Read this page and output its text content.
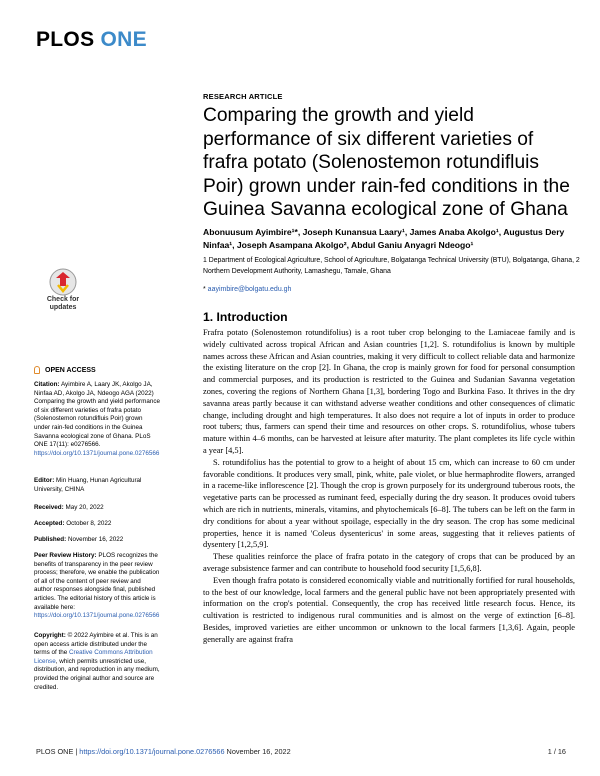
PLOS ONE
RESEARCH ARTICLE
Comparing the growth and yield performance of six different varieties of frafra potato (Solenostemon rotundifluis Poir) grown under rain-fed conditions in the Guinea Savanna ecological zone of Ghana
Abonuusum Ayimbire¹*, Joseph Kunansua Laary¹, James Anaba Akolgo¹, Augustus Dery Ninfaa¹, Joseph Asampana Akolgo², Abdul Ganiu Anyagri Ndeogo¹
1 Department of Ecological Agriculture, School of Agriculture, Bolgatanga Technical University (BTU), Bolgatanga, Ghana, 2 Northern Development Authority, Lamashegu, Tamale, Ghana
* aayimbire@bolgatu.edu.gh
Check for updates
OPEN ACCESS
Citation: Ayimbire A, Laary JK, Akolgo JA, Ninfaa AD, Akolgo JA, Ndeogo AGA (2022) Comparing the growth and yield performance of six different varieties of frafra potato (Solenostemon rotundifluis Poir) grown under rain-fed conditions in the Guinea Savanna ecological zone of Ghana. PLoS ONE 17(11): e0276566. https://doi.org/10.1371/journal.pone.0276566
Editor: Min Huang, Hunan Agricultural University, CHINA
Received: May 20, 2022
Accepted: October 8, 2022
Published: November 16, 2022
Peer Review History: PLOS recognizes the benefits of transparency in the peer review process; therefore, we enable the publication of all of the content of peer review and author responses alongside final, published articles. The editorial history of this article is available here: https://doi.org/10.1371/journal.pone.0276566
Copyright: © 2022 Ayimbire et al. This is an open access article distributed under the terms of the Creative Commons Attribution License, which permits unrestricted use, distribution, and reproduction in any medium, provided the original author and source are credited.
1. Introduction

Frafra potato (Solenostemon rotundifolius) is a root tuber crop belonging to the Lamiaceae family and is widely cultivated across tropical African and Asian countries [1,2]. S. rotundifolius is known by multiple names across these African and Asian countries, making it very difficult to collect reliable data and harmonize the existing literature on the crop [2]. In Ghana, the crop is mainly grown for food for personal consumption and commercial purposes, and its production is restricted to the Guinea and Sudanian Savanna vegetation zones, covering the regions of Northern Ghana [1,3], bordering Togo and Burkina Faso. It thrives in the dry savanna areas partly because it can withstand adverse weather conditions and other consequences of climatic change, including drought and high temperatures. It also does not require a lot of inputs in order to produce root tubers; thus, farmers can spend their time and resources on other crops. S. rotundifolius, whose tubers mature within 4–6 months, can be harvested at leisure after maturity. The plant completes its life cycle within a year [4,5].

S. rotundifolius has the potential to grow to a height of about 15 cm, which can increase to 60 cm under favorable conditions. It produces very small, pink, white, pale violet, or blue hermaphrodite flowers, arranged in a raceme-like inflorescence [2]. Though the crop is grown purposely for its underground tuberous roots, the vegetative parts can be processed as ruminant feed, especially during the dry season. It produces ovoid tubers which are rich in nutrients, minerals, vitamins, and phytochemicals [6–8]. The tubers can be left on the farm in dry conditions for about a year without spoilage, especially in the dry season. The crop has some medicinal properties, hence it is named 'Coleus dysentericus' in some areas, suggesting that it relieves patients of dysentery [1,2,5,9].

These qualities reinforce the place of frafra potato in the category of crops that can be produced by an average subsistence farmer and can contribute to household food security [1,5,6,8].

Even though frafra potato is considered economically viable and nutritionally fortified for rural households, to the best of our knowledge, local farmers and the general public have not been appropriately presented with information on the crop's potential. Consequently, the crop has received little research focus. Hence, its cultivation is restricted to indigenous rural communities and is almost on the verge of extinction [6–8]. Besides, improved varieties are either uncommon or unknown to the local farmers [1,3,6]. Again, people generally are against frafra

PLOS ONE | https://doi.org/10.1371/journal.pone.0276566 November 16, 2022	1 / 16
